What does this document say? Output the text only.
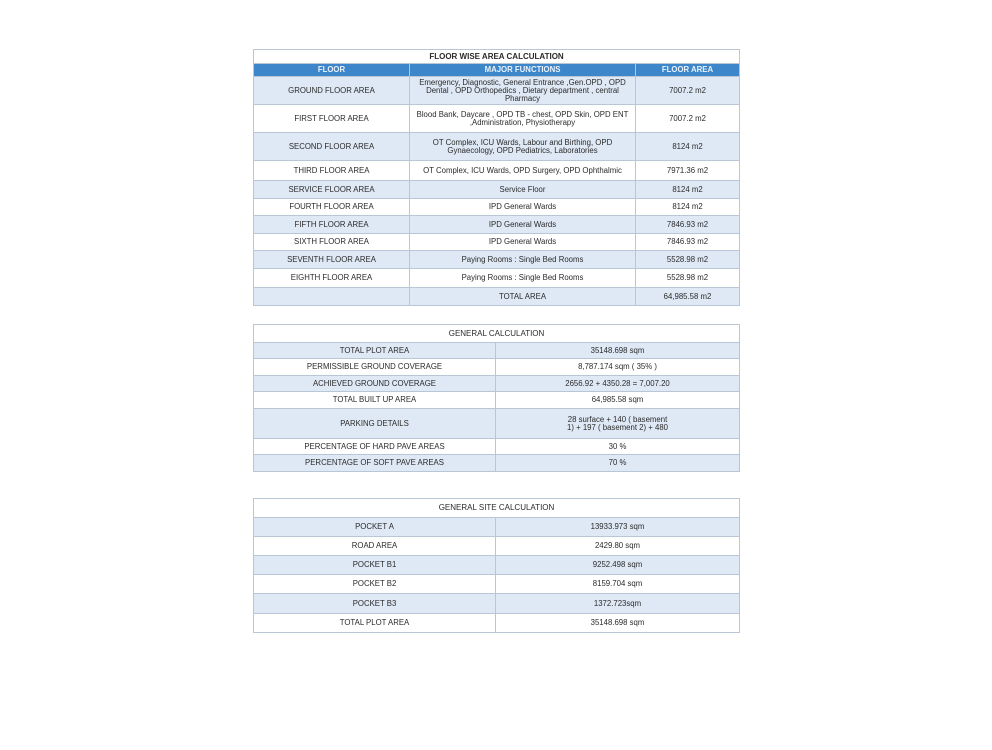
FLOOR WISE AREA CALCULATION		
FLOOR	MAJOR FUNCTIONS	FLOOR AREA
GROUND FLOOR AREA	Emergency, Diagnostic, General Entrance ,Gen.OPD , OPD Dental , OPD Orthopedics , Dietary department , central Pharmacy	7007.2 m2
FIRST FLOOR AREA	Blood Bank, Daycare , OPD TB - chest, OPD Skin, OPD ENT ,Administration, Physiotherapy	7007.2 m2
SECOND FLOOR AREA	OT Complex, ICU Wards, Labour and Birthing, OPD Gynaecology, OPD Pediatrics, Laboratories	8124 m2
THIRD FLOOR AREA	OT Complex, ICU Wards, OPD Surgery, OPD Ophthalmic	7971.36 m2
SERVICE FLOOR AREA	Service Floor	8124 m2
FOURTH FLOOR AREA	IPD General Wards	8124 m2
FIFTH FLOOR AREA	IPD General Wards	7846.93 m2
SIXTH FLOOR AREA	IPD General Wards	7846.93 m2
SEVENTH FLOOR AREA	Paying Rooms : Single Bed Rooms	5528.98 m2
EIGHTH FLOOR AREA	Paying Rooms : Single Bed Rooms	5528.98 m2
	TOTAL AREA	64,985.58 m2
GENERAL CALCULATION	
TOTAL PLOT AREA	35148.698 sqm
PERMISSIBLE GROUND COVERAGE	8,787.174 sqm ( 35% )
ACHIEVED GROUND COVERAGE	2656.92 + 4350.28 = 7,007.20
TOTAL BUILT UP AREA	64,985.58 sqm
PARKING DETAILS	28 surface + 140 ( basement 1) + 197 ( basement 2) + 480
PERCENTAGE OF HARD PAVE AREAS	30 %
PERCENTAGE OF SOFT PAVE AREAS	70 %
GENERAL SITE CALCULATION	
POCKET A	13933.973 sqm
ROAD AREA	2429.80 sqm
POCKET B1	9252.498 sqm
POCKET B2	8159.704 sqm
POCKET B3	1372.723sqm
TOTAL PLOT AREA	35148.698 sqm
